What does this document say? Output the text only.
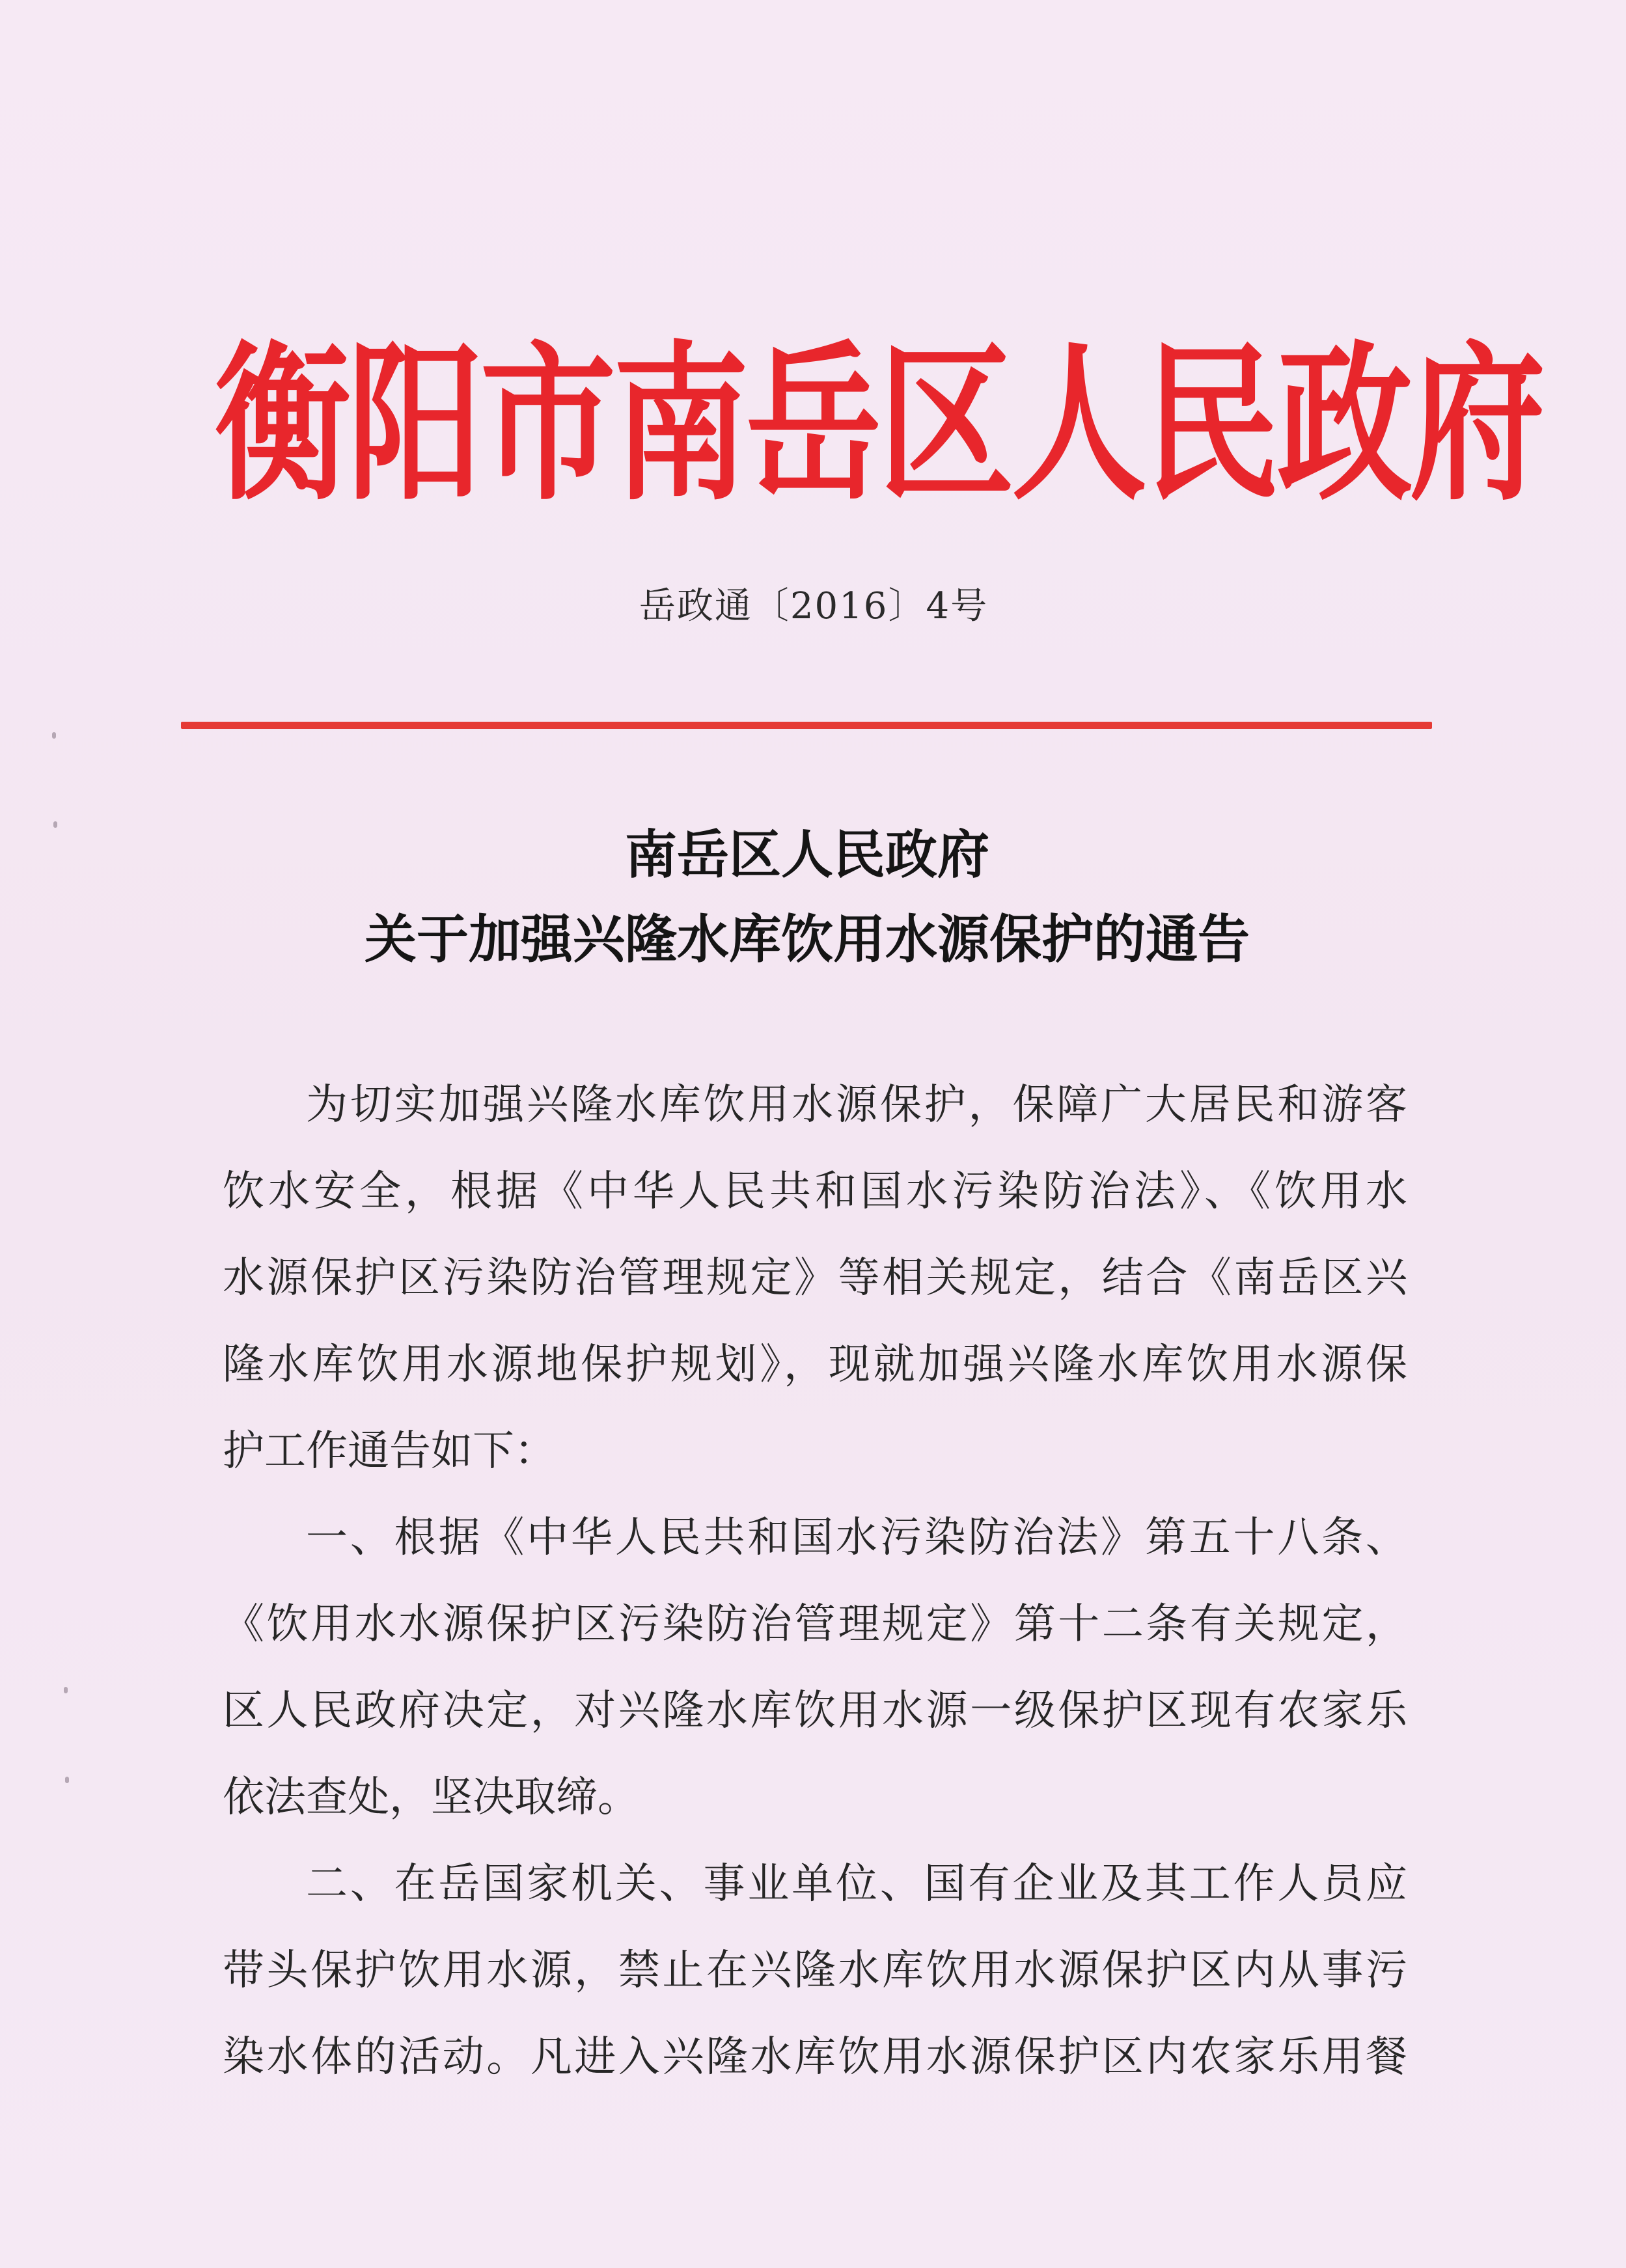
衡阳市南岳区人民政府
岳政通〔2016〕4号
南岳区人民政府
关于加强兴隆水库饮用水源保护的通告
为切实加强兴隆水库饮用水源保护，保障广大居民和游客
饮水安全，根据《中华人民共和国水污染防治法》、《饮用水
水源保护区污染防治管理规定》等相关规定，结合《南岳区兴
隆水库饮用水源地保护规划》，现就加强兴隆水库饮用水源保
护工作通告如下：
一、根据《中华人民共和国水污染防治法》第五十八条、
《饮用水水源保护区污染防治管理规定》第十二条有关规定，
区人民政府决定，对兴隆水库饮用水源一级保护区现有农家乐
依法查处，坚决取缔。
二、在岳国家机关、事业单位、国有企业及其工作人员应
带头保护饮用水源，禁止在兴隆水库饮用水源保护区内从事污
染水体的活动。凡进入兴隆水库饮用水源保护区内农家乐用餐
